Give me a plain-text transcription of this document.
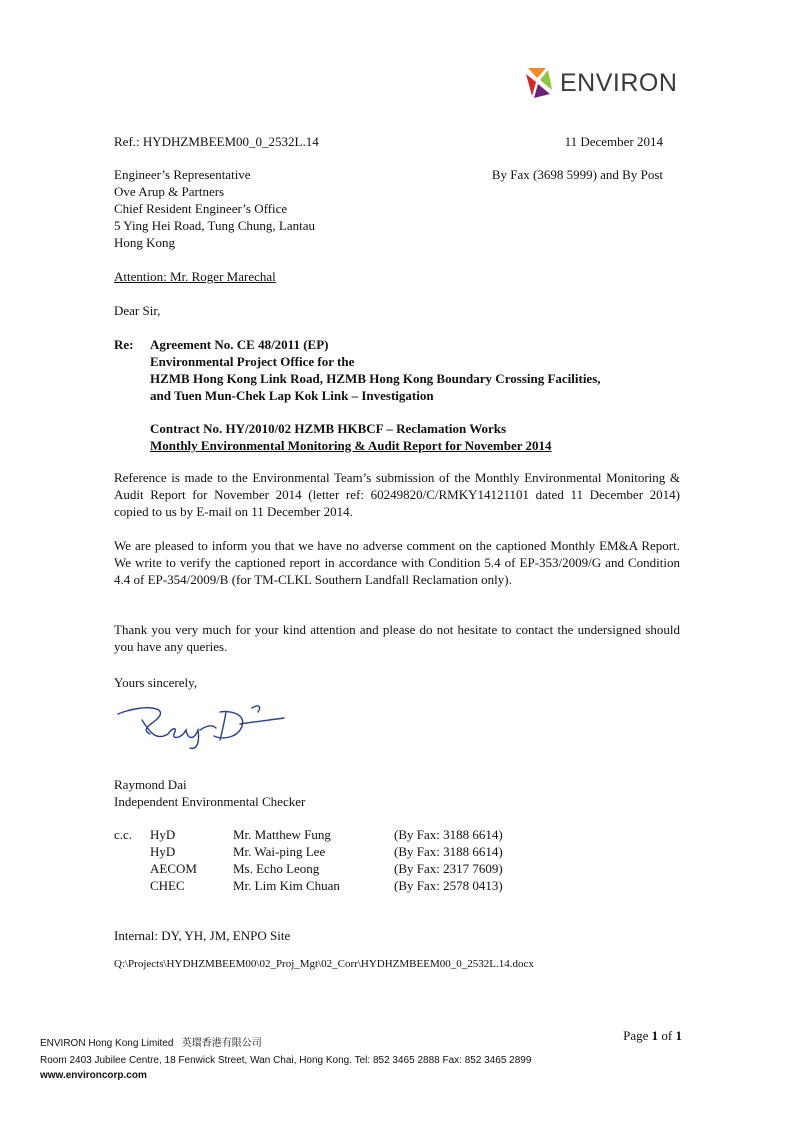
ENVIRON
Ref.: HYDHZMBEEM00_0_2532L.14	11 December 2014
Engineer’s Representative
Ove Arup & Partners
Chief Resident Engineer’s Office
5 Ying Hei Road, Tung Chung, Lantau
Hong Kong
By Fax (3698 5999) and By Post
Attention: Mr. Roger Marechal
Dear Sir,
Re: Agreement No. CE 48/2011 (EP)
Environmental Project Office for the
HZMB Hong Kong Link Road, HZMB Hong Kong Boundary Crossing Facilities,
and Tuen Mun-Chek Lap Kok Link – Investigation
Contract No. HY/2010/02 HZMB HKBCF – Reclamation Works
Monthly Environmental Monitoring & Audit Report for November 2014
Reference is made to the Environmental Team’s submission of the Monthly Environmental Monitoring & Audit Report for November 2014 (letter ref: 60249820/C/RMKY14121101 dated 11 December 2014) copied to us by E-mail on 11 December 2014.
We are pleased to inform you that we have no adverse comment on the captioned Monthly EM&A Report. We write to verify the captioned report in accordance with Condition 5.4 of EP-353/2009/G and Condition 4.4 of EP-354/2009/B (for TM-CLKL Southern Landfall Reclamation only).
Thank you very much for your kind attention and please do not hesitate to contact the undersigned should you have any queries.
Yours sincerely,
Raymond Dai
Independent Environmental Checker
c.c. HyD	Mr. Matthew Fung	(By Fax: 3188 6614)
HyD	Mr. Wai-ping Lee	(By Fax: 3188 6614)
AECOM	Ms. Echo Leong	(By Fax: 2317 7609)
CHEC	Mr. Lim Kim Chuan	(By Fax: 2578 0413)
Internal: DY, YH, JM, ENPO Site
Q:\Projects\HYDHZMBEEM00\02_Proj_Mgt\02_Corr\HYDHZMBEEM00_0_2532L.14.docx
Page 1 of 1
ENVIRON Hong Kong Limited 英環香港有限公司
Room 2403 Jubilee Centre, 18 Fenwick Street, Wan Chai, Hong Kong. Tel: 852 3465 2888 Fax: 852 3465 2899
www.environcorp.com
